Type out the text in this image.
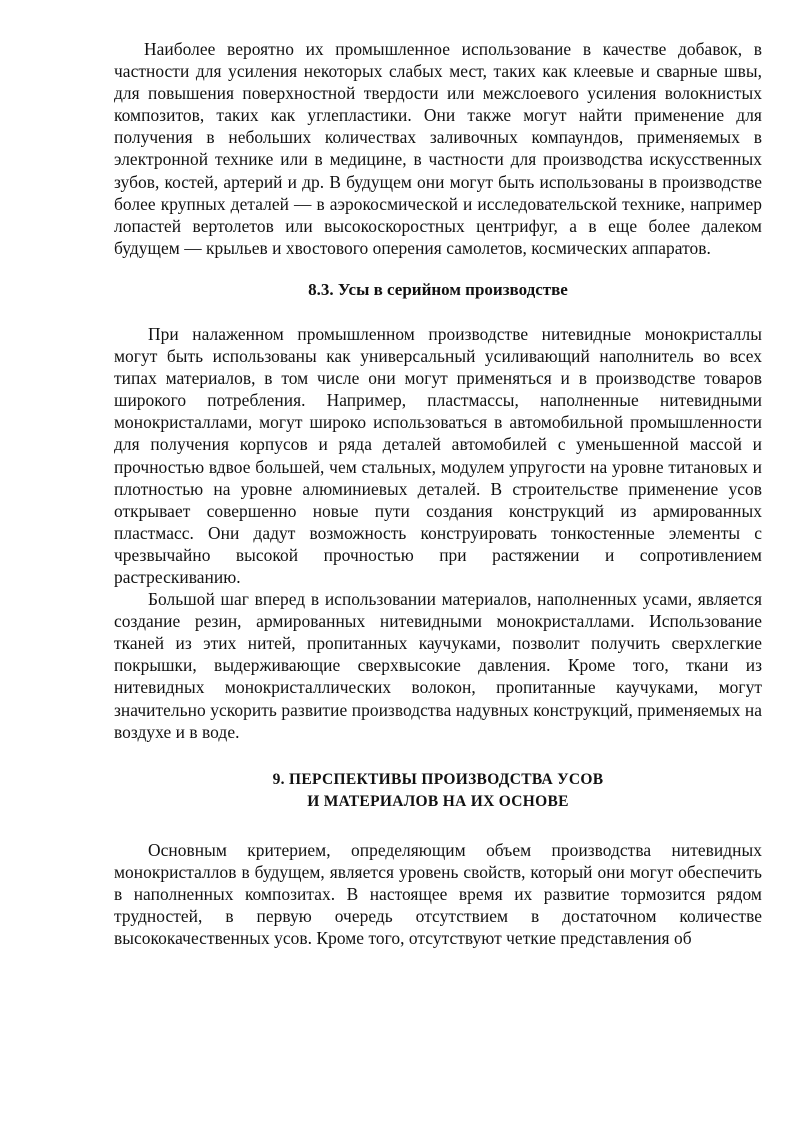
Наиболее вероятно их промышленное использование в качестве добавок, в частности для усиления некоторых слабых мест, таких как клеевые и сварные швы, для повышения поверхностной твердости или межслоевого усиления волокнистых композитов, таких как углепластики. Они также могут найти применение для получения в небольших количествах заливочных компаундов, применяемых в электронной технике или в медицине, в частности для производства искусственных зубов, костей, артерий и др. В будущем они могут быть использованы в производстве более крупных деталей — в аэрокосмической и исследовательской технике, например лопастей вертолетов или высокоскоростных центрифуг, а в еще более далеком будущем — крыльев и хвостового оперения самолетов, космических аппаратов.

8.3. Усы в серийном производстве

При налаженном промышленном производстве нитевидные монокристаллы могут быть использованы как универсальный усиливающий наполнитель во всех типах материалов, в том числе они могут применяться и в производстве товаров широкого потребления. Например, пластмассы, наполненные нитевидными монокристаллами, могут широко использоваться в автомобильной промышленности для получения корпусов и ряда деталей автомобилей с уменьшенной массой и прочностью вдвое большей, чем стальных, модулем упругости на уровне титановых и плотностью на уровне алюминиевых деталей. В строительстве применение усов открывает совершенно новые пути создания конструкций из армированных пластмасс. Они дадут возможность конструировать тонкостенные элементы с чрезвычайно высокой прочностью при растяжении и сопротивлением растрескиванию.

Большой шаг вперед в использовании материалов, наполненных усами, является создание резин, армированных нитевидными монокристаллами. Использование тканей из этих нитей, пропитанных каучуками, позволит получить сверхлегкие покрышки, выдерживающие сверхвысокие давления. Кроме того, ткани из нитевидных монокристаллических волокон, пропитанные каучуками, могут значительно ускорить развитие производства надувных конструкций, применяемых на воздухе и в воде.

9. ПЕРСПЕКТИВЫ ПРОИЗВОДСТВА УСОВ
И МАТЕРИАЛОВ НА ИХ ОСНОВЕ

Основным критерием, определяющим объем производства нитевидных монокристаллов в будущем, является уровень свойств, который они могут обеспечить в наполненных композитах. В настоящее время их развитие тормозится рядом трудностей, в первую очередь отсутствием в достаточном количестве высококачественных усов. Кроме того, отсутствуют четкие представления об
